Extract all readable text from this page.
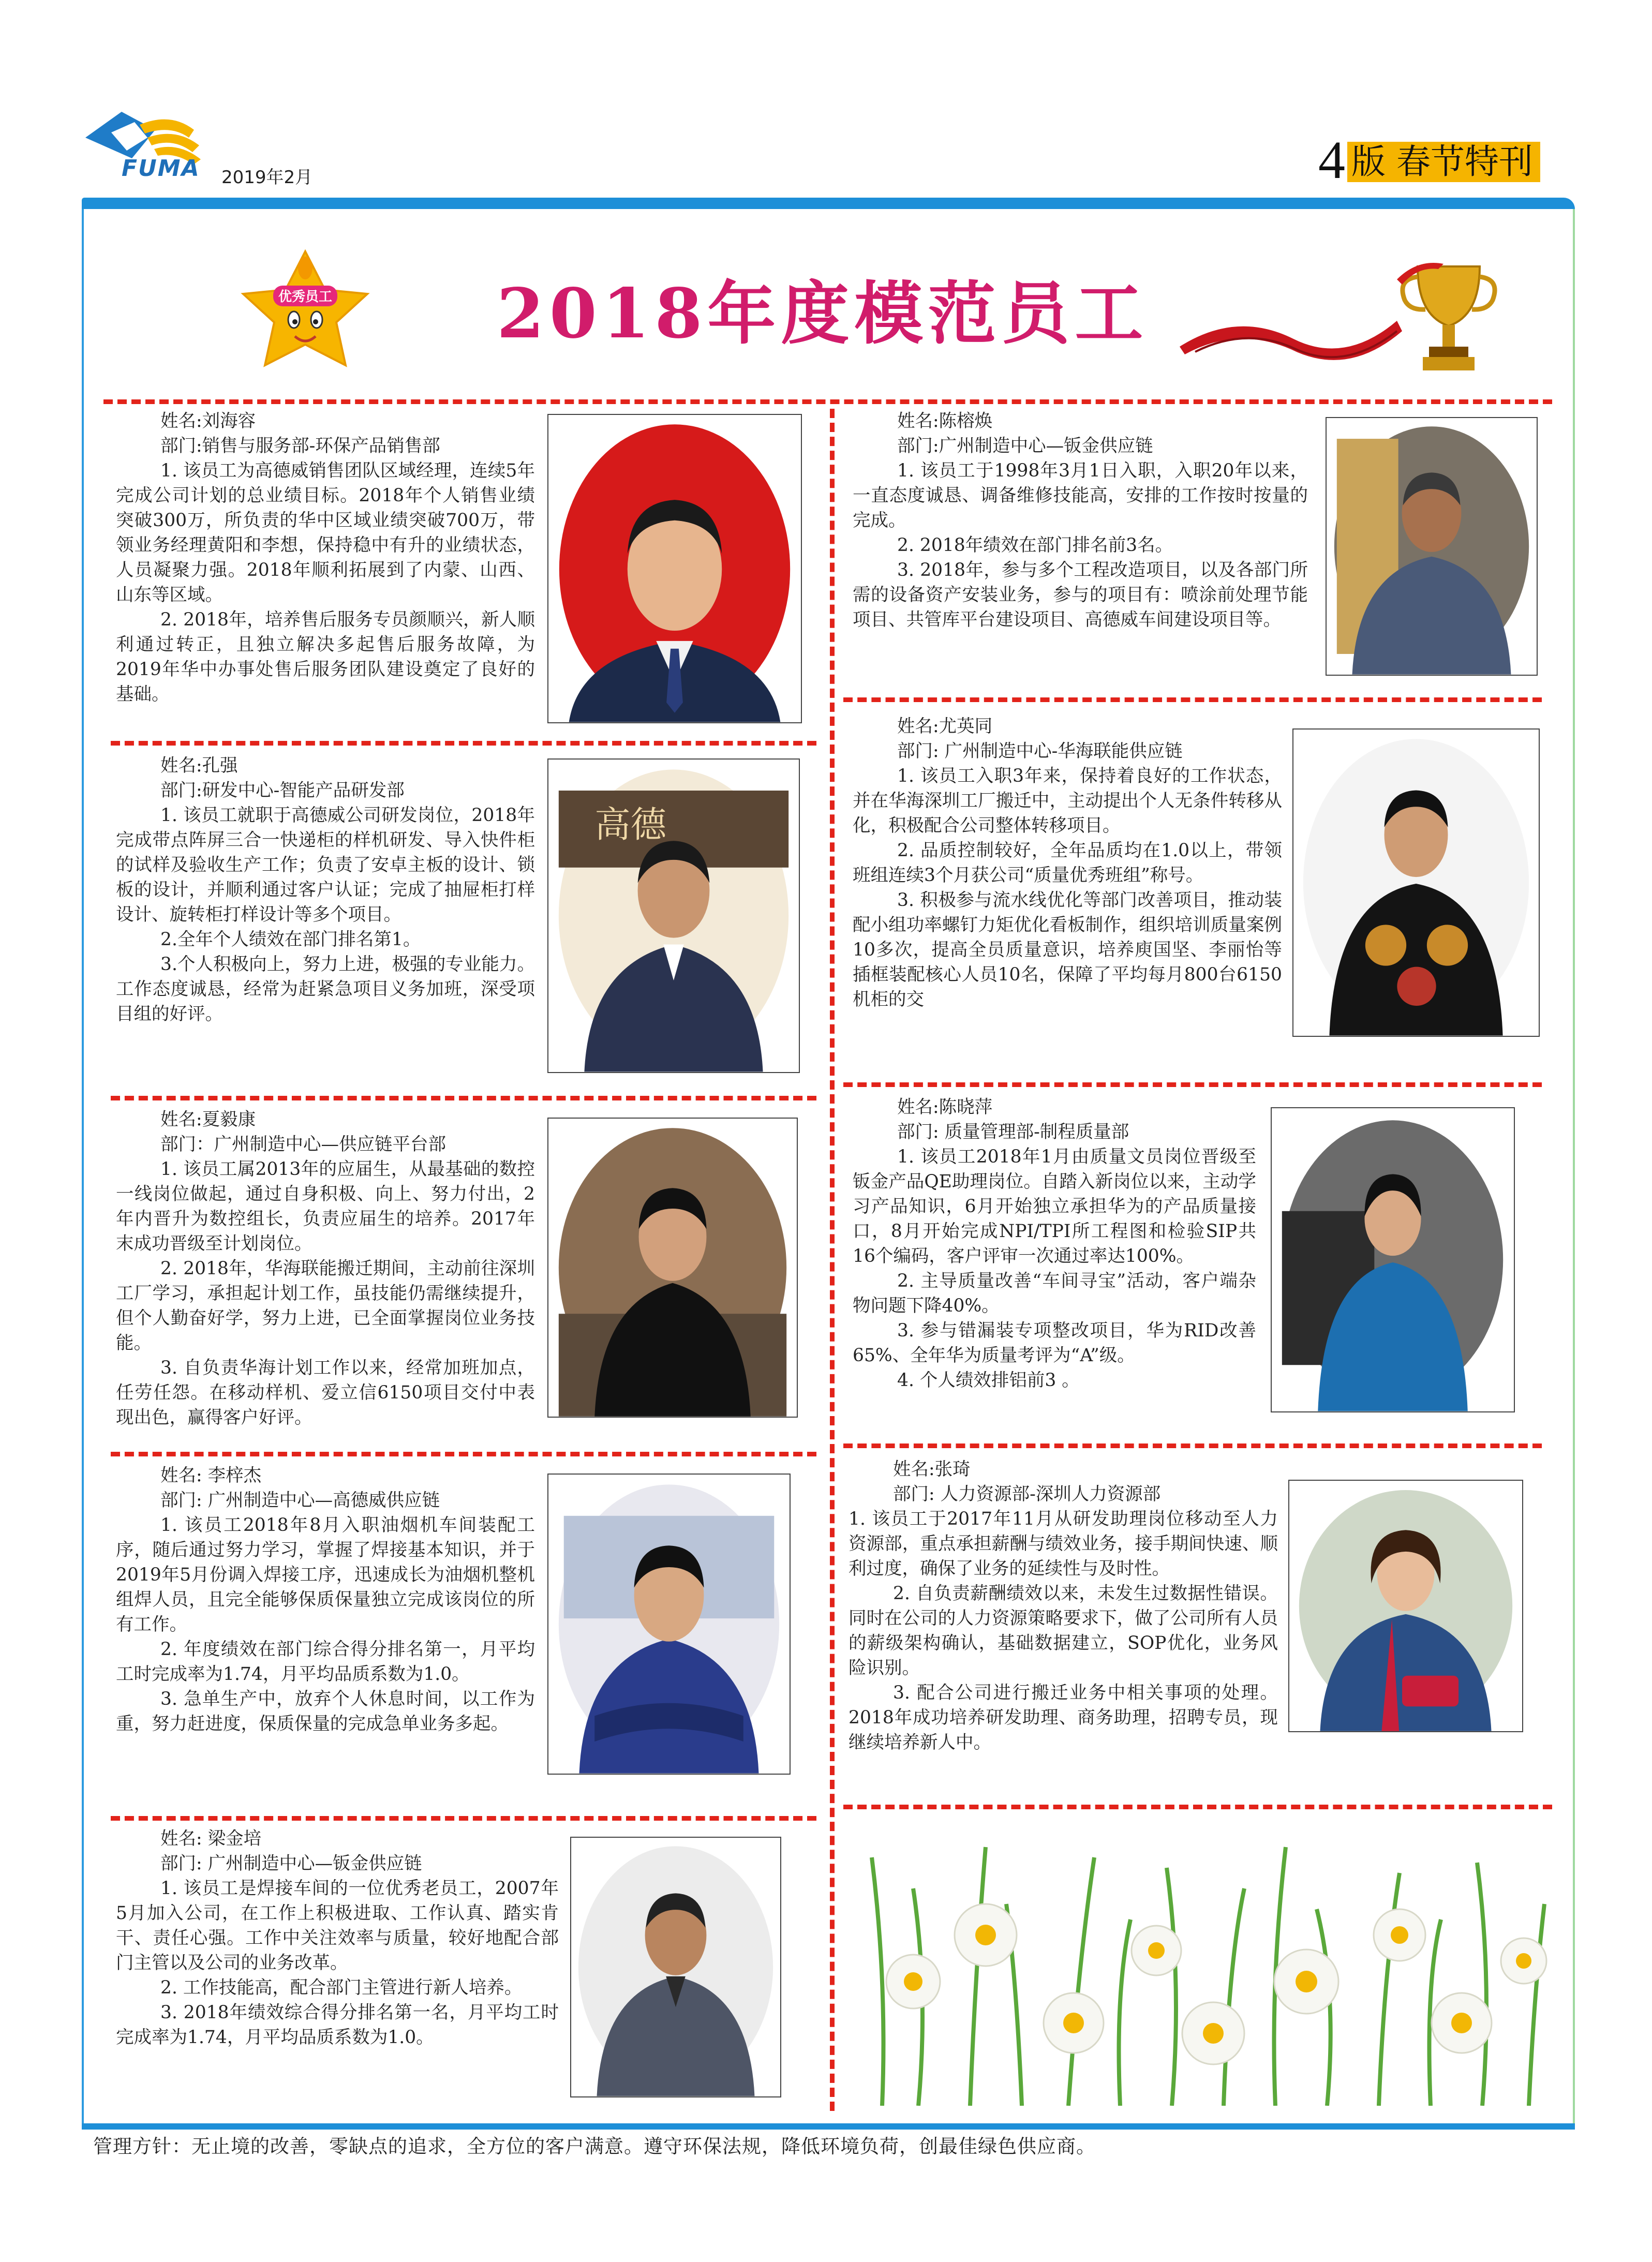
FUMA 2019年2月	4 版 春节特刊
优秀员工 2018年度模范员工

姓名:刘海容

部门:销售与服务部-环保产品销售部

1. 该员工为高德威销售团队区域经理，连续5年完成公司计划的总业绩目标。2018年个人销售业绩突破300万，所负责的华中区域业绩突破700万，带领业务经理黄阳和李想，保持稳中有升的业绩状态，人员凝聚力强。2018年顺利拓展到了内蒙、山西、山东等区域。

2. 2018年，培养售后服务专员颜顺兴，新人顺利通过转正，且独立解决多起售后服务故障，为2019年华中办事处售后服务团队建设奠定了良好的基础。

姓名:孔强

部门:研发中心-智能产品研发部

1. 该员工就职于高德威公司研发岗位，2018年完成带点阵屏三合一快递柜的样机研发、导入快件柜的试样及验收生产工作；负责了安卓主板的设计、锁板的设计，并顺利通过客户认证；完成了抽屉柜打样设计、旋转柜打样设计等多个项目。

2.全年个人绩效在部门排名第1。

3.个人积极向上，努力上进，极强的专业能力。工作态度诚恳，经常为赶紧急项目义务加班，深受项目组的好评。

姓名:夏毅康

部门：广州制造中心—供应链平台部

1. 该员工属2013年的应届生，从最基础的数控一线岗位做起，通过自身积极、向上、努力付出，2年内晋升为数控组长，负责应届生的培养。2017年末成功晋级至计划岗位。

2. 2018年，华海联能搬迁期间，主动前往深圳工厂学习，承担起计划工作，虽技能仍需继续提升，但个人勤奋好学，努力上进，已全面掌握岗位业务技能。

3. 自负责华海计划工作以来，经常加班加点，任劳任怨。在移动样机、爱立信6150项目交付中表现出色，赢得客户好评。

姓名: 李梓杰

部门: 广州制造中心—高德威供应链

1. 该员工2018年8月入职油烟机车间装配工序，随后通过努力学习，掌握了焊接基本知识，并于2019年5月份调入焊接工序，迅速成长为油烟机整机组焊人员，且完全能够保质保量独立完成该岗位的所有工作。

2. 年度绩效在部门综合得分排名第一，月平均工时完成率为1.74，月平均品质系数为1.0。

3. 急单生产中，放弃个人休息时间，以工作为重，努力赶进度，保质保量的完成急单业务多起。

姓名: 梁金培

部门: 广州制造中心—钣金供应链

1. 该员工是焊接车间的一位优秀老员工，2007年5月加入公司，在工作上积极进取、工作认真、踏实肯干、责任心强。工作中关注效率与质量，较好地配合部门主管以及公司的业务改革。

2. 工作技能高，配合部门主管进行新人培养。

3. 2018年绩效综合得分排名第一名，月平均工时完成率为1.74，月平均品质系数为1.0。

姓名:陈榕焕

部门:广州制造中心—钣金供应链

1. 该员工于1998年3月1日入职，入职20年以来，一直态度诚恳、调备维修技能高，安排的工作按时按量的完成。

2. 2018年绩效在部门排名前3名。

3. 2018年，参与多个工程改造项目，以及各部门所需的设备资产安装业务，参与的项目有：喷涂前处理节能项目、共管库平台建设项目、高德威车间建设项目等。

姓名:尤英同

部门: 广州制造中心-华海联能供应链

1. 该员工入职3年来，保持着良好的工作状态，并在华海深圳工厂搬迁中，主动提出个人无条件转移从化，积极配合公司整体转移项目。

2. 品质控制较好，全年品质均在1.0以上，带领班组连续3个月获公司“质量优秀班组”称号。

3. 积极参与流水线优化等部门改善项目，推动装配小组功率螺钉力矩优化看板制作，组织培训质量案例10多次，提高全员质量意识，培养庾国坚、李丽怡等插框装配核心人员10名，保障了平均每月800台6150机柜的交

姓名:陈晓萍

部门: 质量管理部-制程质量部

1. 该员工2018年1月由质量文员岗位晋级至钣金产品QE助理岗位。自踏入新岗位以来，主动学习产品知识，6月开始独立承担华为的产品质量接口，8月开始完成NPI/TPI所工程图和检验SIP共16个编码，客户评审一次通过率达100%。

2. 主导质量改善“车间寻宝”活动，客户端杂物问题下降40%。

3. 参与错漏装专项整改项目，华为RID改善65%、全年华为质量考评为“A”级。

4. 个人绩效排铝前3 。

姓名:张琦

部门: 人力资源部-深圳人力资源部

1. 该员工于2017年11月从研发助理岗位移动至人力资源部，重点承担薪酬与绩效业务，接手期间快速、顺利过度，确保了业务的延续性与及时性。

2. 自负责薪酬绩效以来，未发生过数据性错误。同时在公司的人力资源策略要求下，做了公司所有人员的薪级架构确认，基础数据建立，SOP优化，业务风险识别。

3. 配合公司进行搬迁业务中相关事项的处理。2018年成功培养研发助理、商务助理，招聘专员，现继续培养新人中。

高德
管理方针：无止境的改善，零缺点的追求，全方位的客户满意。遵守环保法规，降低环境负荷，创最佳绿色供应商。
